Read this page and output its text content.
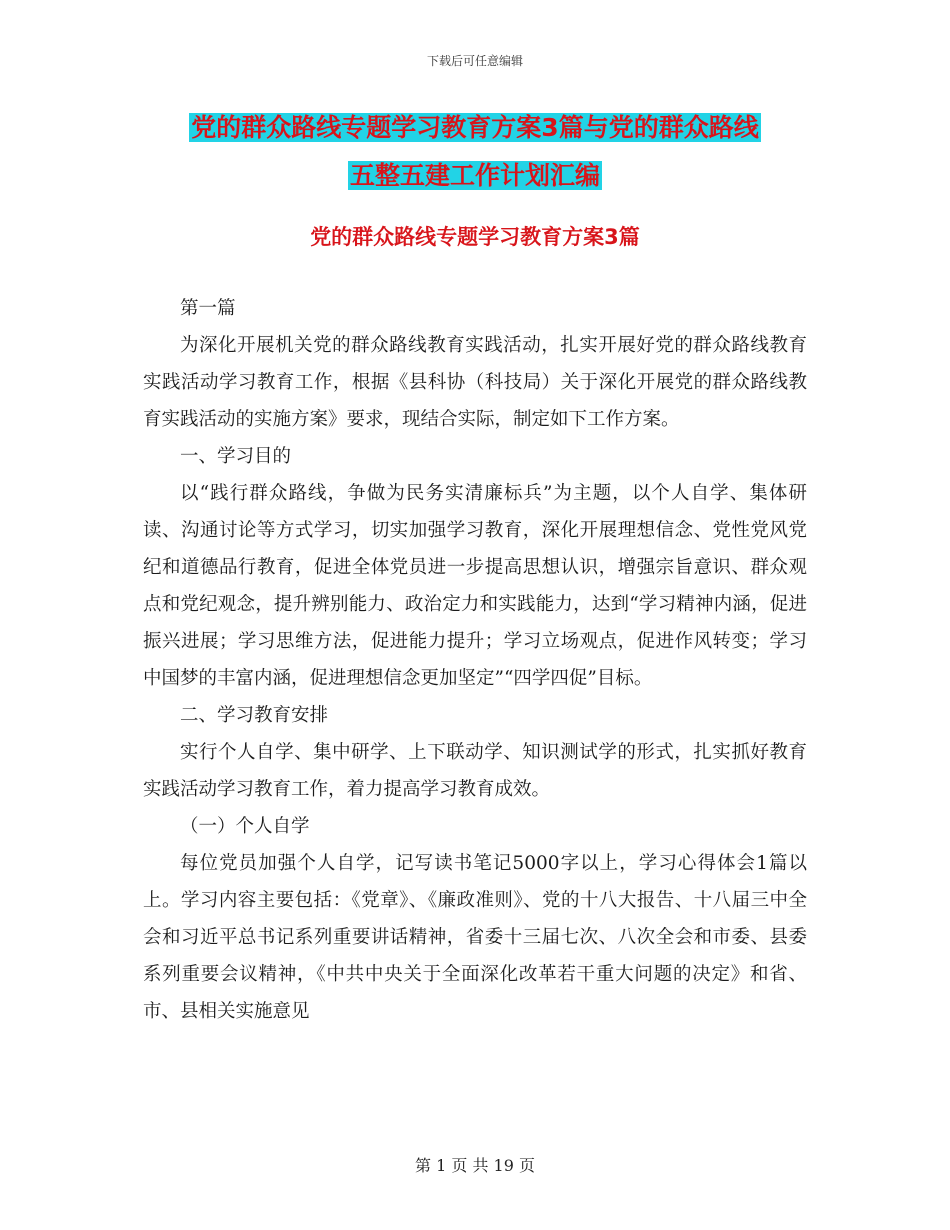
下载后可任意编辑
党的群众路线专题学习教育方案3篇与党的群众路线
五整五建工作计划汇编
党的群众路线专题学习教育方案3篇

第一篇

为深化开展机关党的群众路线教育实践活动，扎实开展好党的群众路线教育实践活动学习教育工作，根据《县科协（科技局）关于深化开展党的群众路线教育实践活动的实施方案》要求，现结合实际，制定如下工作方案。

一、学习目的

以“践行群众路线，争做为民务实清廉标兵”为主题，以个人自学、集体研读、沟通讨论等方式学习，切实加强学习教育，深化开展理想信念、党性党风党纪和道德品行教育，促进全体党员进一步提高思想认识，增强宗旨意识、群众观点和党纪观念，提升辨别能力、政治定力和实践能力，达到“学习精神内涵，促进振兴进展；学习思维方法，促进能力提升；学习立场观点，促进作风转变；学习中国梦的丰富内涵，促进理想信念更加坚定”“四学四促”目标。

二、学习教育安排

实行个人自学、集中研学、上下联动学、知识测试学的形式，扎实抓好教育实践活动学习教育工作，着力提高学习教育成效。

（一）个人自学

每位党员加强个人自学，记写读书笔记5000字以上，学习心得体会1篇以上。学习内容主要包括：《党章》、《廉政准则》、党的十八大报告、十八届三中全会和习近平总书记系列重要讲话精神，省委十三届七次、八次全会和市委、县委系列重要会议精神，《中共中央关于全面深化改革若干重大问题的决定》和省、市、县相关实施意见

第 1 页 共 19 页
